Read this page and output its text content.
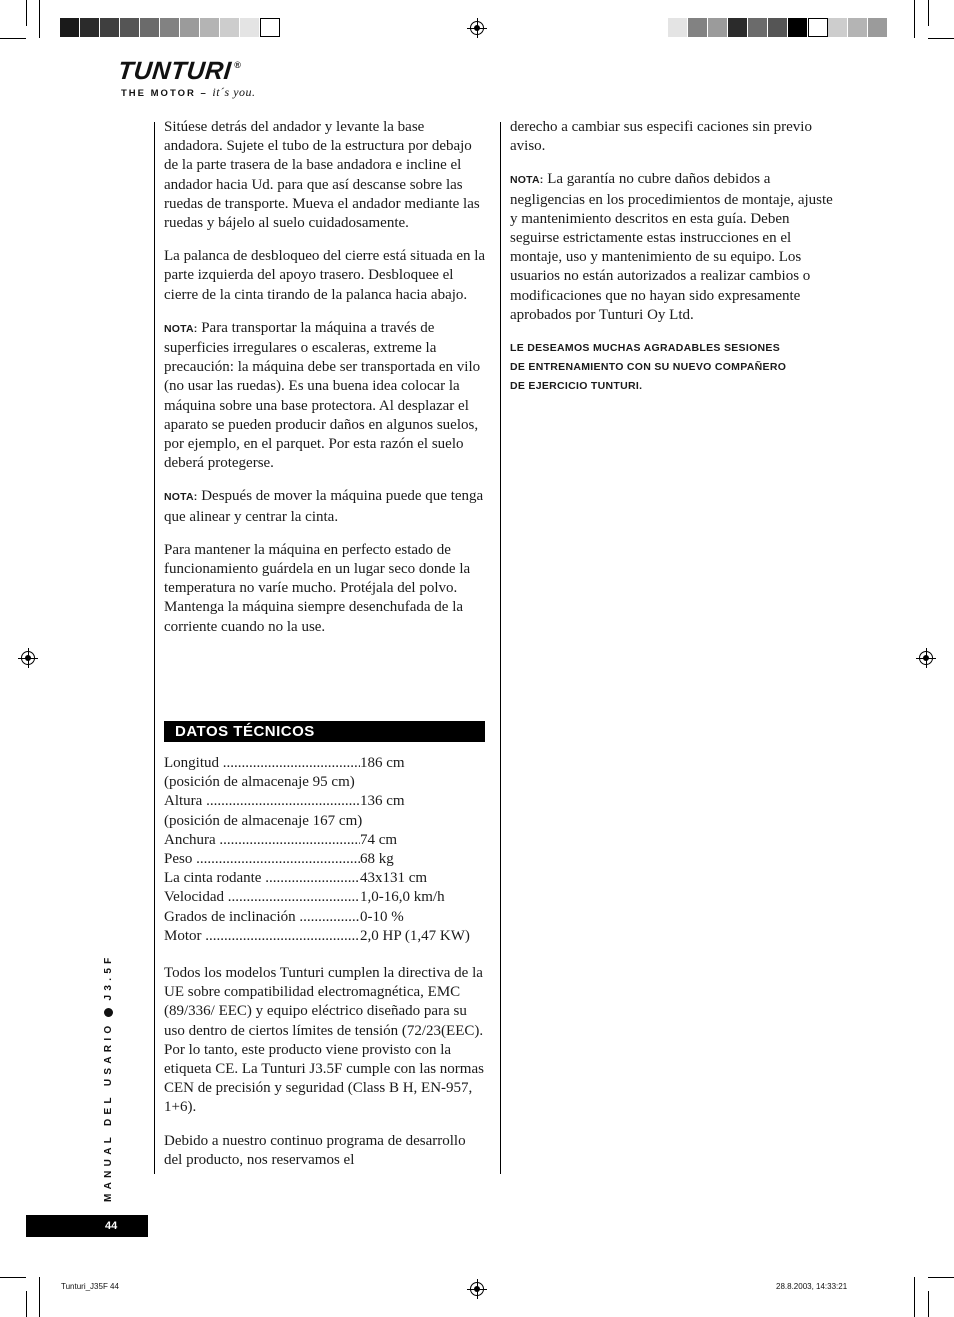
TUNTURI ®
THE MOTOR – it´s you.

Sitúese detrás del andador y levante la base andadora. Sujete el tubo de la estructura por debajo de la parte trasera de la base andadora e incline el andador hacia Ud. para que así descanse sobre las ruedas de transporte. Mueva el andador mediante las ruedas y bájelo al suelo cuidadosamente.

La palanca de desbloqueo del cierre está situada en la parte izquierda del apoyo trasero. Desbloquee el cierre de la cinta tirando de la palanca hacia abajo.

NOTA: Para transportar la máquina a través de superficies irregulares o escaleras, extreme la precaución: la máquina debe ser transportada en vilo (no usar las ruedas). Es una buena idea colocar la máquina sobre una base protectora. Al desplazar el aparato se pueden producir daños en algunos suelos, por ejemplo, en el parquet. Por esta razón el suelo deberá protegerse.

NOTA: Después de mover la máquina puede que tenga que alinear y centrar la cinta.

Para mantener la máquina en perfecto estado de funcionamiento guárdela en un lugar seco donde la temperatura no varíe mucho. Protéjala del polvo. Mantenga la máquina siempre desenchufada de la corriente cuando no la use.

DATOS TÉCNICOS
Longitud .....	186 cm
(posición de almacenaje 95 cm)
Altura .....	136 cm
(posición de almacenaje 167 cm)
Anchura .....	74 cm
Peso .....	68 kg
La cinta rodante .....	43x131 cm
Velocidad .....	1,0-16,0 km/h
Grados de inclinación .....	0-10 %
Motor .....	2,0 HP (1,47 KW)

Todos los modelos Tunturi cumplen la directiva de la UE sobre compatibilidad electromagnética, EMC (89/336/ EEC) y equipo eléctrico diseñado para su uso dentro de ciertos límites de tensión (72/23(EEC). Por lo tanto, este producto viene provisto con la etiqueta CE. La Tunturi J3.5F cumple con las normas CEN de precisión y seguridad (Class B H, EN-957, 1+6).

Debido a nuestro continuo programa de desarrollo del producto, nos reservamos el

derecho a cambiar sus especifi caciones sin previo aviso.

NOTA: La garantía no cubre daños debidos a negligencias en los procedimientos de montaje, ajuste y mantenimiento descritos en esta guía. Deben seguirse estrictamente estas instrucciones en el montaje, uso y mantenimiento de su equipo. Los usuarios no están autorizados a realizar cambios o modificaciones que no hayan sido expresamente aprobados por Tunturi Oy Ltd.

LE DESEAMOS MUCHAS AGRADABLES SESIONES
DE ENTRENAMIENTO CON SU NUEVO COMPAÑERO
DE EJERCICIO TUNTURI.
MANUAL DEL USARIOJ3.5F
44
Tunturi_J35F 44	28.8.2003, 14:33:21
